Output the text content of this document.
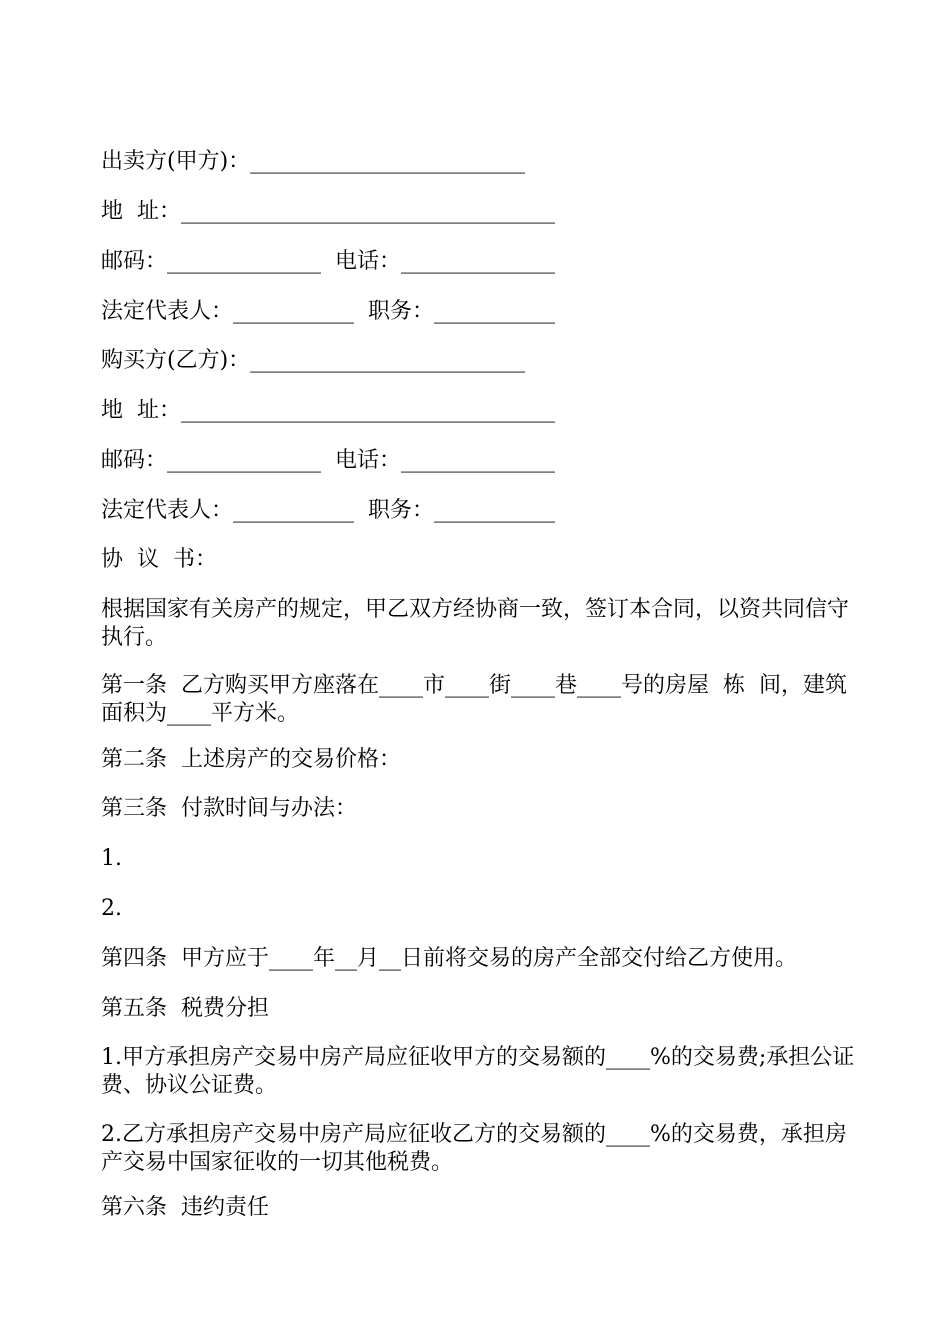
出卖方(甲方)：_________________________

地  址：__________________________________

邮码：______________  电话：______________

法定代表人：___________  职务：___________

购买方(乙方)：_________________________

地  址：__________________________________

邮码：______________  电话：______________

法定代表人：___________  职务：___________

协  议  书：

根据国家有关房产的规定，甲乙双方经协商一致，签订本合同，以资共同信守执行。

第一条  乙方购买甲方座落在____市____街____巷____号的房屋  栋  间，建筑面积为____平方米。

第二条  上述房产的交易价格：

第三条  付款时间与办法：

1.

2.

第四条  甲方应于____年__月__日前将交易的房产全部交付给乙方使用。

第五条  税费分担

1.甲方承担房产交易中房产局应征收甲方的交易额的____%的交易费;承担公证费、协议公证费。

2.乙方承担房产交易中房产局应征收乙方的交易额的____%的交易费，承担房产交易中国家征收的一切其他税费。

第六条  违约责任
